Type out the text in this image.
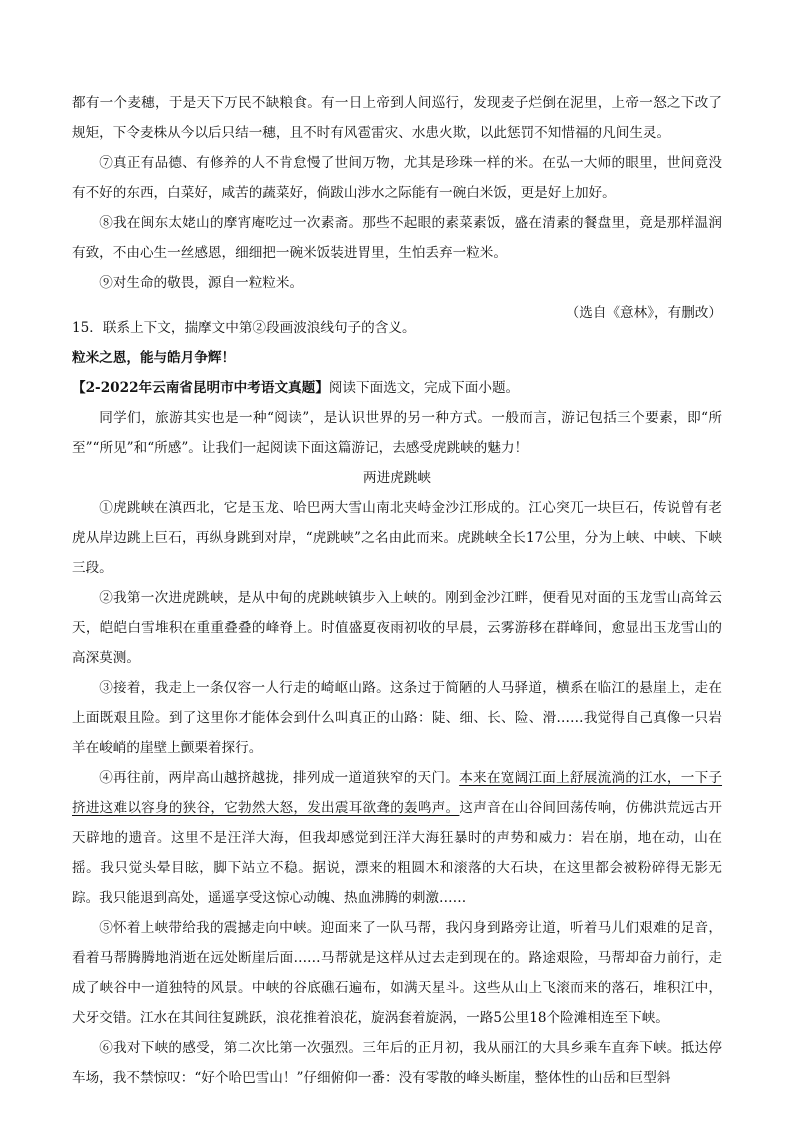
都有一个麦穗，于是天下万民不缺粮食。有一日上帝到人间巡行，发现麦子烂倒在泥里，上帝一怒之下改了规矩，下令麦株从今以后只结一穗，且不时有风雹雷灾、水患火欺，以此惩罚不知惜福的凡间生灵。

⑦真正有品德、有修养的人不肯怠慢了世间万物，尤其是珍珠一样的米。在弘一大师的眼里，世间竟没有不好的东西，白菜好，咸苦的蔬菜好，倘跋山涉水之际能有一碗白米饭，更是好上加好。

⑧我在闽东太姥山的摩宵庵吃过一次素斋。那些不起眼的素菜素饭，盛在清素的餐盘里，竟是那样温润有致，不由心生一丝感恩，细细把一碗米饭装进胃里，生怕丢弃一粒米。

⑨对生命的敬畏，源自一粒粒米。

（选自《意林》，有删改）

15．联系上下文，揣摩文中第②段画波浪线句子的含义。

粒米之恩，能与皓月争辉！

【2-2022年云南省昆明市中考语文真题】阅读下面选文，完成下面小题。

同学们，旅游其实也是一种“阅读”，是认识世界的另一种方式。一般而言，游记包括三个要素，即“所至”“所见”和“所感”。让我们一起阅读下面这篇游记，去感受虎跳峡的魅力！

两进虎跳峡

①虎跳峡在滇西北，它是玉龙、哈巴两大雪山南北夹峙金沙江形成的。江心突兀一块巨石，传说曾有老虎从岸边跳上巨石，再纵身跳到对岸，“虎跳峡”之名由此而来。虎跳峡全长17公里，分为上峡、中峡、下峡三段。

②我第一次进虎跳峡，是从中甸的虎跳峡镇步入上峡的。刚到金沙江畔，便看见对面的玉龙雪山高耸云天，皑皑白雪堆积在重重叠叠的峰脊上。时值盛夏夜雨初收的早晨，云雾游移在群峰间，愈显出玉龙雪山的高深莫测。

③接着，我走上一条仅容一人行走的崎岖山路。这条过于简陋的人马驿道，横系在临江的悬崖上，走在上面既艰且险。到了这里你才能体会到什么叫真正的山路：陡、细、长、险、滑……我觉得自己真像一只岩羊在峻峭的崖壁上颤栗着探行。

④再往前，两岸高山越挤越拢，排列成一道道狭窄的天门。本来在宽阔江面上舒展流淌的江水，一下子挤进这难以容身的狭谷，它勃然大怒，发出震耳欲聋的轰鸣声。这声音在山谷间回荡传响，仿佛洪荒远古开天辟地的遗音。这里不是汪洋大海，但我却感觉到汪洋大海狂暴时的声势和威力：岩在崩，地在动，山在摇。我只觉头晕目眩，脚下站立不稳。据说，漂来的粗圆木和滚落的大石块，在这里都会被粉碎得无影无踪。我只能退到高处，遥遥享受这惊心动魄、热血沸腾的刺激……

⑤怀着上峡带给我的震撼走向中峡。迎面来了一队马帮，我闪身到路旁让道，听着马儿们艰难的足音，看着马帮腾腾地消逝在远处断崖后面……马帮就是这样从过去走到现在的。路途艰险，马帮却奋力前行，走成了峡谷中一道独特的风景。中峡的谷底礁石遍布，如满天星斗。这些从山上飞滚而来的落石，堆积江中，犬牙交错。江水在其间往复跳跃，浪花推着浪花，旋涡套着旋涡，一路5公里18个险滩相连至下峡。

⑥我对下峡的感受，第二次比第一次强烈。三年后的正月初，我从丽江的大具乡乘车直奔下峡。抵达停车场，我不禁惊叹：“好个哈巴雪山！”仔细俯仰一番：没有零散的峰头断崖，整体性的山岳和巨型斜
